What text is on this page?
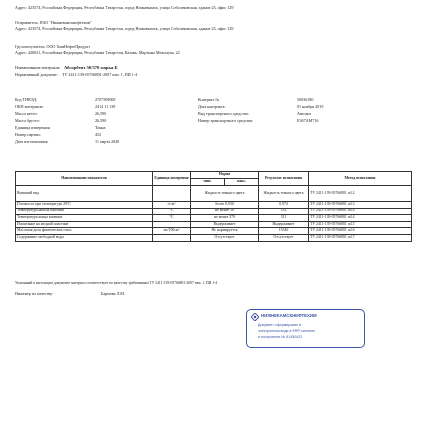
Адрес: 423574, Российская Федерация, Республика Татарстан, город Нижнекамск, улица Соболековская, здание 23, офис 129
Отправитель: ПАО "Нижнекамскнефтехим"
Адрес: 423574, Российская Федерация, Республика Татарстан, город Нижнекамск, улица Соболековская, здание 23, офис 129
Грузополучатель: ООО ХимНефтеПродукт
Адрес: 420021, Российская Федерация, Республика Татарстан, Казань, Мартына Межлаука, 22
Наименование материала: Абсорбент 50/370 марка Б
Нормативный документ: ТУ 2411-139-05766801-2007 изм. 1, ПИ 1-4
Код ТНВЭД:	2707509000
ОКП материала:	2414 11 139
Масса нетто:	26,590
Масса брутто:	26,590
Единица измерения:	Тонна
Номер партии:	452
Дата изготовления:	11 марта 2020
Контракт №	50036180
Дата контракта:	01 ноября 2019
Вид транспортного средства:	Автовоз
Номер транспортного средства:	Е367АМ716
Наименование показателя	Единица измерения	Норма		Результат испытания	Метод испытания
		мин.	макс.		
Внешний вид		Жидкость темного цвета		Жидкость темного цвета	ТУ 2411-139-05766801 п4.2
Плотность при температуре 20°С	г/см³	более 0,930		0,974	ТУ 2411-139-05766801 п4.3
Температура начала кипения	°С	не менее 50		152	ТУ 2411-139-05766801 п4.4
Температура конца кипения	°С	не менее 370		311	ТУ 2411-139-05766801 п4.4
Испытание на медной пластине		Выдерживает		Выдерживает	ТУ 2411-139-05766801 п4.5
Массовая доля фактических смол	мг/100см³	Не нормируется		15340	ТУ 2411-139-05766801 п4.6
Содержание свободной воды		Отсутствует		Отсутствует	ТУ 2411-139-05766801 п4.7
Указанный в настоящем документе материал соответствует по качеству требованиям ТУ 2411-139-05766801-2007 изм. 1, ПИ 1-4
Инженер по качеству:	Барыева Л.М.
НИЖНЕКАМСКНЕФТЕХИМ
Документ сформирован в
электронном виде в ERP-системе
и построение № 81450422
